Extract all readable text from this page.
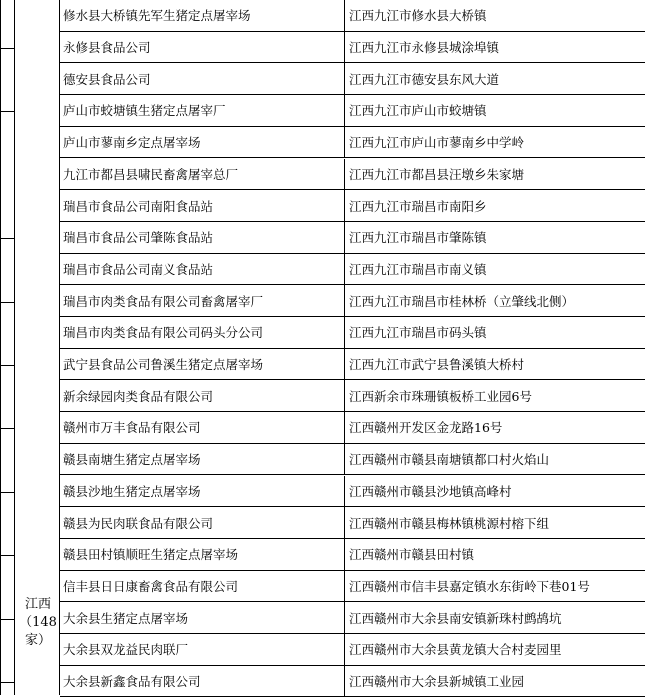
江西
（148
家）
修水县大桥镇先军生猪定点屠宰场	江西九江市修水县大桥镇
永修县食品公司	江西九江市永修县城涂埠镇
德安县食品公司	江西九江市德安县东风大道
庐山市蛟塘镇生猪定点屠宰厂	江西九江市庐山市蛟塘镇
庐山市蓼南乡定点屠宰场	江西九江市庐山市蓼南乡中学岭
九江市都昌县啸民畜禽屠宰总厂	江西九江市都昌县汪墩乡朱家塘
瑞昌市食品公司南阳食品站	江西九江市瑞昌市南阳乡
瑞昌市食品公司肇陈食品站	江西九江市瑞昌市肇陈镇
瑞昌市食品公司南义食品站	江西九江市瑞昌市南义镇
瑞昌市肉类食品有限公司畜禽屠宰厂	江西九江市瑞昌市桂林桥（立肇线北侧）
瑞昌市肉类食品有限公司码头分公司	江西九江市瑞昌市码头镇
武宁县食品公司鲁溪生猪定点屠宰场	江西九江市武宁县鲁溪镇大桥村
新余绿园肉类食品有限公司	江西新余市珠珊镇板桥工业园6号
赣州市万丰食品有限公司	江西赣州开发区金龙路16号
赣县南塘生猪定点屠宰场	江西赣州市赣县南塘镇都口村火焰山
赣县沙地生猪定点屠宰场	江西赣州市赣县沙地镇高峰村
赣县为民肉联食品有限公司	江西赣州市赣县梅林镇桃源村榕下组
赣县田村镇顺旺生猪定点屠宰场	江西赣州市赣县田村镇
信丰县日日康畜禽食品有限公司	江西赣州市信丰县嘉定镇水东街岭下巷01号
大余县生猪定点屠宰场	江西赣州市大余县南安镇新珠村鹧鸪坑
大余县双龙益民肉联厂	江西赣州市大余县黄龙镇大合村麦园里
大余县新鑫食品有限公司	江西赣州市大余县新城镇工业园
